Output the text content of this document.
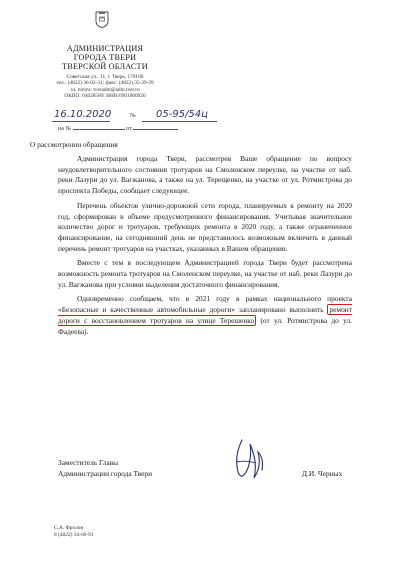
АДМИНИСТРАЦИЯ
ГОРОДА ТВЕРИ
ТВЕРСКОЙ ОБЛАСТИ
Советская ул., 11, г. Тверь, 170100
тел.: (4822) 36-02-31; факс: (4822) 35-39-39
эл. почта: tveradm@adm.tver.ru
ОКПО: 04028589; ИНН:6901000920
16.10.2020	№ 05-95/54ц
на №	от
О рассмотрении обращения

Администрация города Твери, рассмотрев Ваше обращение по вопросу неудовлетворительного состояния тротуаров на Смоленском переулке, на участке от наб. реки Лазури до ул. Вагжанова, а также на ул. Терещенко, на участке от ул. Ротмистрова до проспекта Победы, сообщает следующее.

Перечень объектов улично-дорожной сети города, планируемых к ремонту на 2020 год, сформирован в объеме предусмотренного финансирования. Учитывая значительное количество дорог и тротуаров, требующих ремонта в 2020 году, а также ограниченное финансирование, на сегодняшний день не представилось возможным включить в данный перечень ремонт тротуаров на участках, указанных в Вашем обращении.

Вместе с тем в последующем Администрацией города Твери будет рассмотрена возможность ремонта тротуаров на Смоленском переулке, на участке от наб. реки Лазури до ул. Вагжанова при условии выделения достаточного финансирования.

Одновременно сообщаем, что в 2021 году в рамках национального проекта «Безопасные и качественные автомобильные дороги» запланировано выполнить ремонт дороги с восстановлением тротуаров на улице Терешенко (от ул. Ротмистрова до ул. Фадеева).

Заместитель Главы
Администрации города Твери	Д.И. Черных
С.А. Фролов
8 (4822) 34-66-91
